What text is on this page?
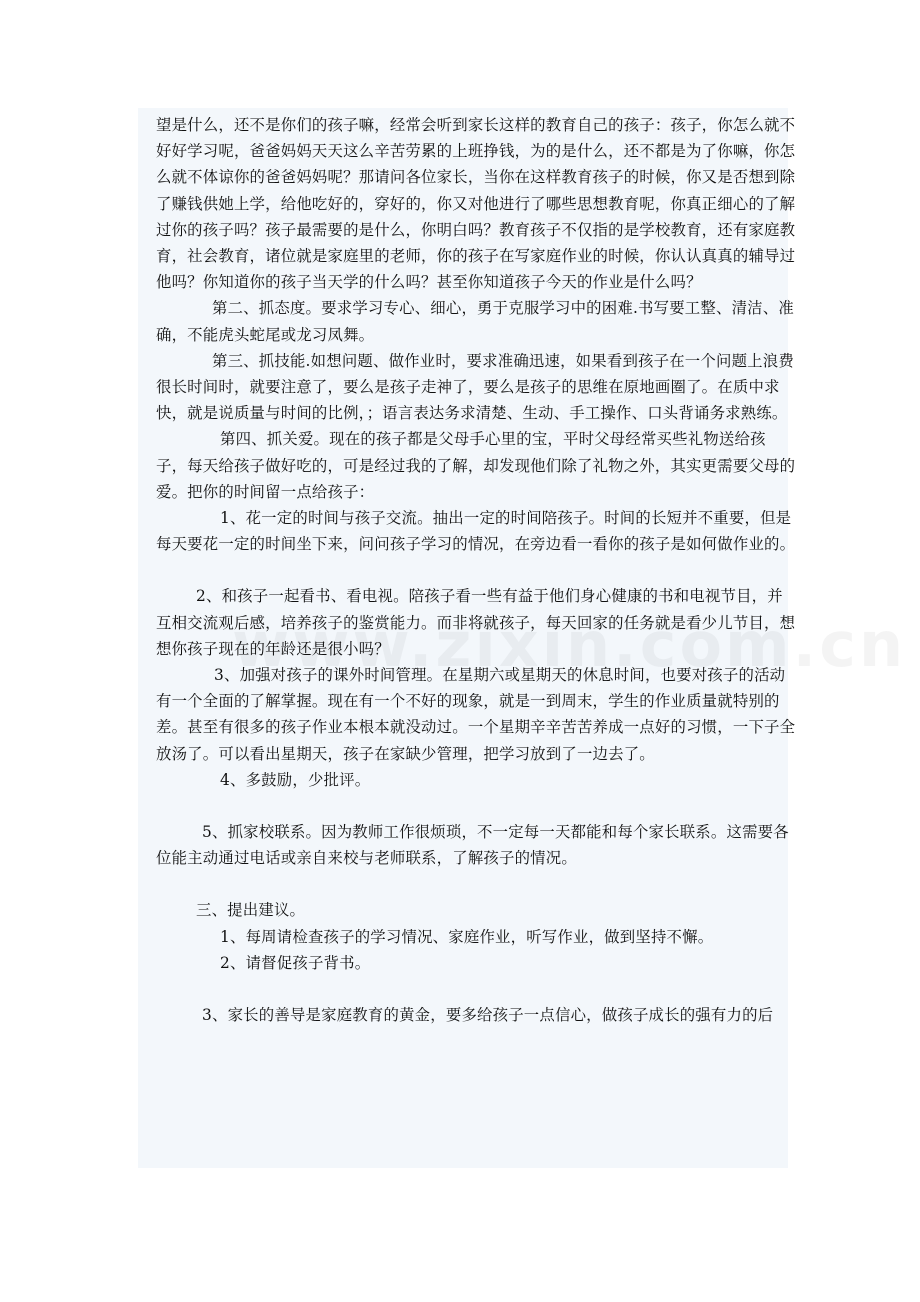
望是什么，还不是你们的孩子嘛，经常会听到家长这样的教育自己的孩子：孩子，你怎么就不好好学习呢，爸爸妈妈天天这么辛苦劳累的上班挣钱，为的是什么，还不都是为了你嘛，你怎么就不体谅你的爸爸妈妈呢？那请问各位家长，当你在这样教育孩子的时候，你又是否想到除了赚钱供她上学，给他吃好的，穿好的，你又对他进行了哪些思想教育呢，你真正细心的了解过你的孩子吗？孩子最需要的是什么，你明白吗？教育孩子不仅指的是学校教育，还有家庭教育，社会教育，诸位就是家庭里的老师，你的孩子在写家庭作业的时候，你认认真真的辅导过他吗？你知道你的孩子当天学的什么吗？甚至你知道孩子今天的作业是什么吗？

第二、抓态度。要求学习专心、细心，勇于克服学习中的困难.书写要工整、清洁、准确，不能虎头蛇尾或龙习凤舞。

第三、抓技能.如想问题、做作业时，要求准确迅速，如果看到孩子在一个问题上浪费很长时间时，就要注意了，要么是孩子走神了，要么是孩子的思维在原地画圈了。在质中求快，就是说质量与时间的比例，；语言表达务求清楚、生动、手工操作、口头背诵务求熟练。

第四、抓关爱。现在的孩子都是父母手心里的宝，平时父母经常买些礼物送给孩子，每天给孩子做好吃的，可是经过我的了解，却发现他们除了礼物之外，其实更需要父母的爱。把你的时间留一点给孩子：

1、花一定的时间与孩子交流。抽出一定的时间陪孩子。时间的长短并不重要，但是每天要花一定的时间坐下来，问问孩子学习的情况，在旁边看一看你的孩子是如何做作业的。

2、和孩子一起看书、看电视。陪孩子看一些有益于他们身心健康的书和电视节目，并互相交流观后感，培养孩子的鉴赏能力。而非将就孩子，每天回家的任务就是看少儿节目，想想你孩子现在的年龄还是很小吗？

3、加强对孩子的课外时间管理。在星期六或星期天的休息时间，也要对孩子的活动有一个全面的了解掌握。现在有一个不好的现象，就是一到周末，学生的作业质量就特别的差。甚至有很多的孩子作业本根本就没动过。一个星期辛辛苦苦养成一点好的习惯，一下子全放汤了。可以看出星期天，孩子在家缺少管理，把学习放到了一边去了。

4、多鼓励，少批评。

5、抓家校联系。因为教师工作很烦琐，不一定每一天都能和每个家长联系。这需要各位能主动通过电话或亲自来校与老师联系，了解孩子的情况。

三、提出建议。

1、每周请检查孩子的学习情况、家庭作业，听写作业，做到坚持不懈。

2、请督促孩子背书。

3、家长的善导是家庭教育的黄金，要多给孩子一点信心，做孩子成长的强有力的后
